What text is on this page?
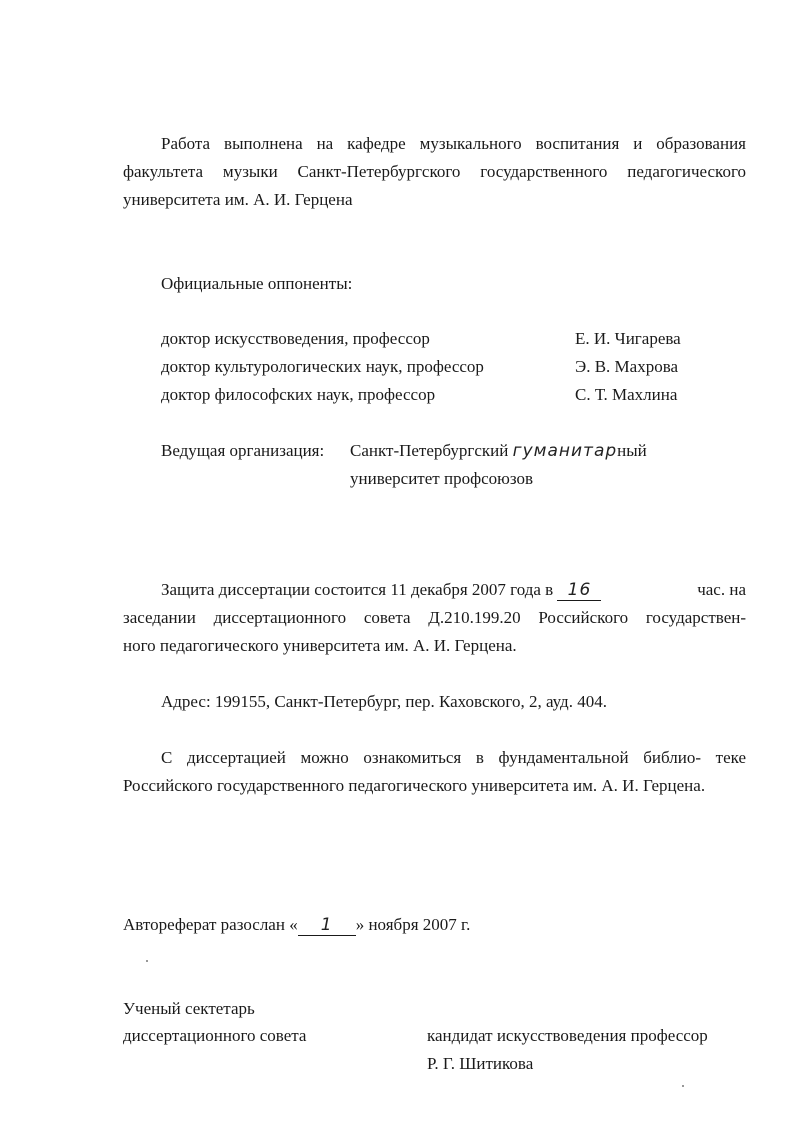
Работа выполнена на кафедре музыкального воспитания и образования факультета музыки Санкт-Петербургского государственного педагогического университета им. А. И. Герцена
Официальные оппоненты:
доктор искусствоведения, профессор	Е. И. Чигарева
доктор культурологических наук, профессор	Э. В. Махрова
доктор философских наук, профессор	С. Т. Махлина
Ведущая организация: Санкт-Петербургский гуманитарный
университет профсоюзов
Защита диссертации состоится 11 декабря 2007 года в 16	час. на
заседании диссертационного совета Д.210.199.20 Российского государствен-
ного педагогического университета им. А. И. Герцена.
Адрес: 199155, Санкт-Петербург, пер. Каховского, 2, ауд. 404.
С диссертацией можно ознакомиться в фундаментальной библио- теке Российского государственного педагогического университета им. А. И. Герцена.
Автореферат разослан « 1 » ноября 2007 г.
Ученый сектетарь
диссертационного совета	кандидат искусствоведения профессор
Р. Г. Шитикова
